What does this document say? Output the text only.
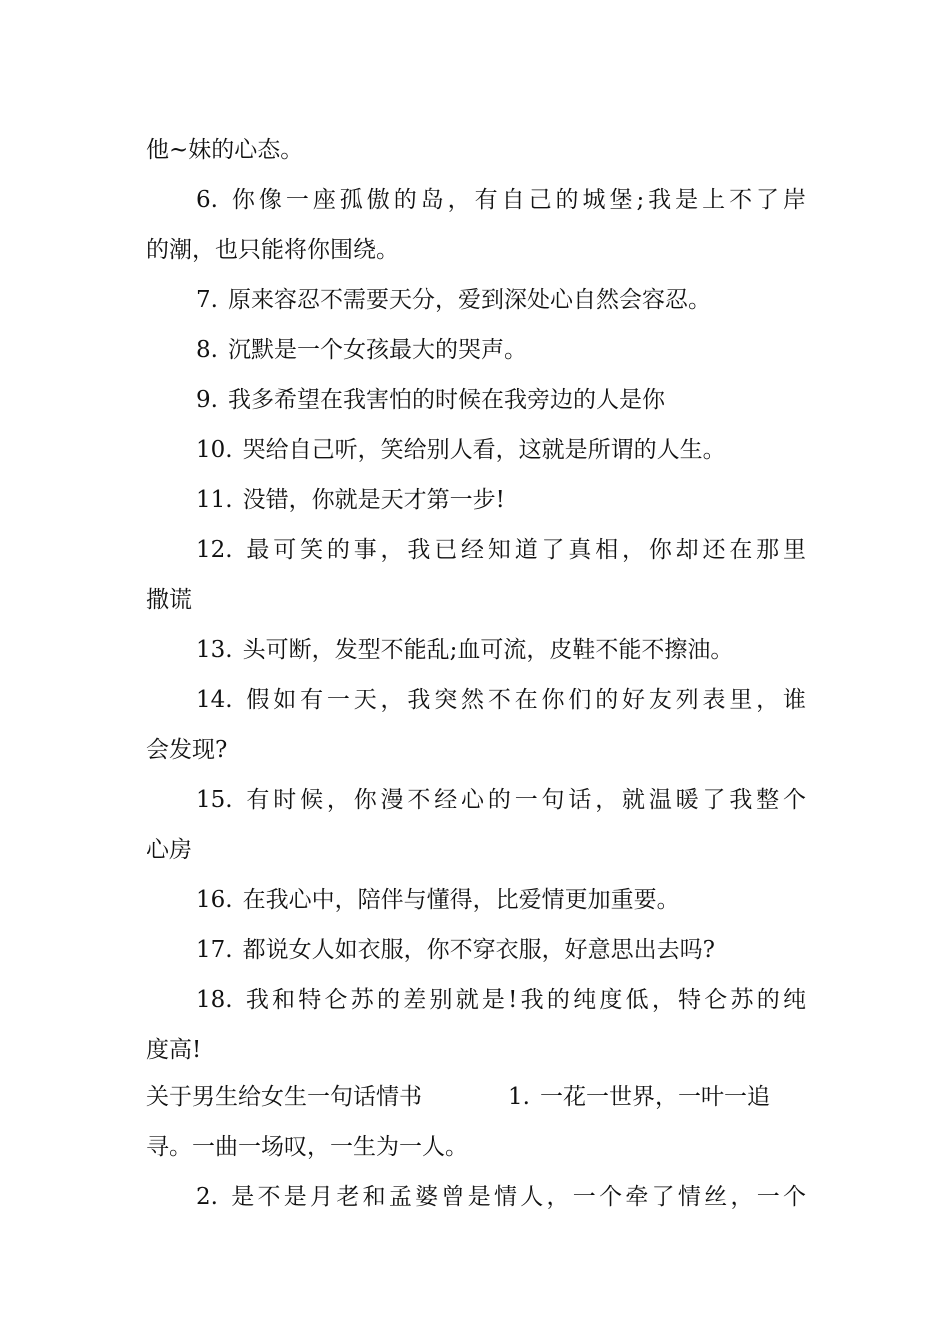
他~妹的心态。
6. 你像一座孤傲的岛，有自己的城堡;我是上不了岸
的潮，也只能将你围绕。
7. 原来容忍不需要天分，爱到深处心自然会容忍。
8. 沉默是一个女孩最大的哭声。
9. 我多希望在我害怕的时候在我旁边的人是你
10. 哭给自己听，笑给别人看，这就是所谓的人生。
11. 没错，你就是天才第一步!
12. 最可笑的事，我已经知道了真相，你却还在那里
撒谎
13. 头可断，发型不能乱;血可流，皮鞋不能不擦油。
14. 假如有一天，我突然不在你们的好友列表里，谁
会发现?
15. 有时候，你漫不经心的一句话，就温暖了我整个
心房
16. 在我心中，陪伴与懂得，比爱情更加重要。
17. 都说女人如衣服，你不穿衣服，好意思出去吗?
18. 我和特仑苏的差别就是!我的纯度低，特仑苏的纯
度高!
关于男生给女生一句话情书	1. 一花一世界，一叶一追
寻。一曲一场叹，一生为一人。
2. 是不是月老和孟婆曾是情人，一个牵了情丝，一个
